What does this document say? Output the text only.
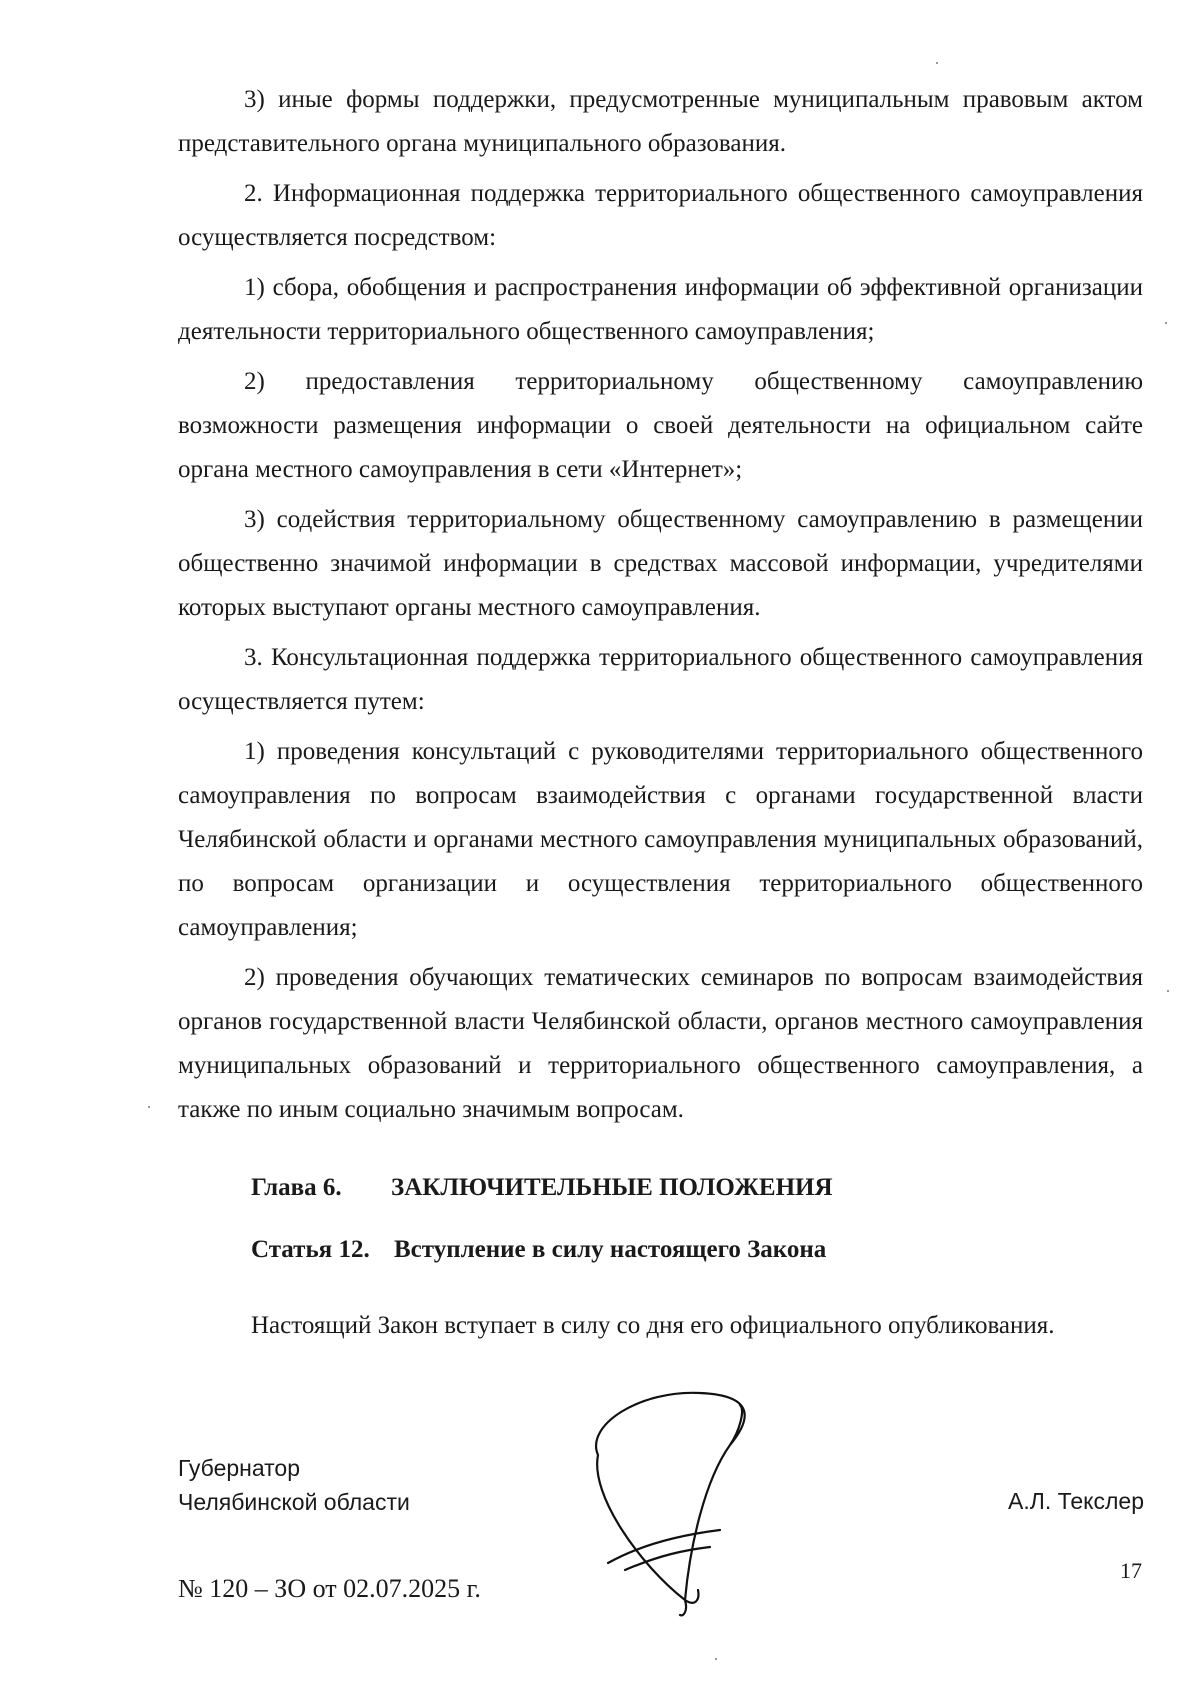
3) иные формы поддержки, предусмотренные муниципальным правовым актом представительного органа муниципального образования.

2. Информационная поддержка территориального общественного самоуправления осуществляется посредством:

1) сбора, обобщения и распространения информации об эффективной организации деятельности территориального общественного самоуправления;

2) предоставления территориальному общественному самоуправлению возможности размещения информации о своей деятельности на официальном сайте органа местного самоуправления в сети «Интернет»;

3) содействия территориальному общественному самоуправлению в размещении общественно значимой информации в средствах массовой информации, учредителями которых выступают органы местного самоуправления.

3. Консультационная поддержка территориального общественного самоуправления осуществляется путем:

1) проведения консультаций с руководителями территориального общественного самоуправления по вопросам взаимодействия с органами государственной власти Челябинской области и органами местного самоуправления муниципальных образований, по вопросам организации и осуществления территориального общественного самоуправления;

2) проведения обучающих тематических семинаров по вопросам взаимодействия органов государственной власти Челябинской области, органов местного самоуправления муниципальных образований и территориального общественного самоуправления, а также по иным социально значимым вопросам.

Глава 6. ЗАКЛЮЧИТЕЛЬНЫЕ ПОЛОЖЕНИЯ
Статья 12. Вступление в силу настоящего Закона
Настоящий Закон вступает в силу со дня его официального опубликования.
Губернатор
Челябинской области	А.Л. Текслер
№ 120 – ЗО от 02.07.2025 г.
17
